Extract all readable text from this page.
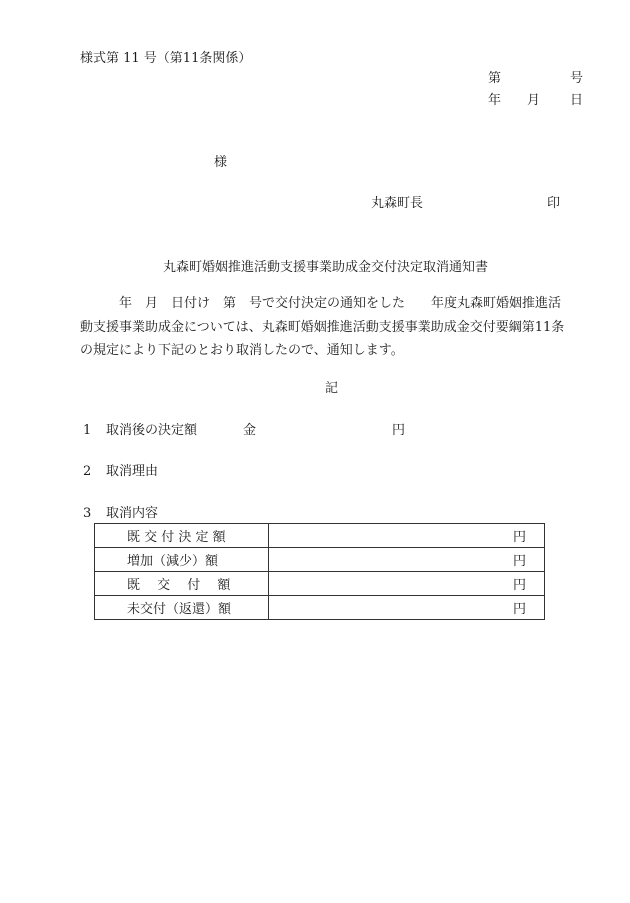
様式第 11 号（第11条関係）
第	号
年 月 日
様
丸森町長	印
丸森町婚姻推進活動支援事業助成金交付決定取消通知書
　　　年　月　日付け　第　号で交付決定の通知をした　　年度丸森町婚姻推進活
動支援事業助成金については、丸森町婚姻推進活動支援事業助成金交付要綱第11条
の規定により下記のとおり取消したので、通知します。
記
1 取消後の決定額	金	円
2 取消理由
3 取消内容
既 交 付 決 定 額	円
増加（減少）額	円
既　 交 　付 　額	円
未交付（返還）額	円
